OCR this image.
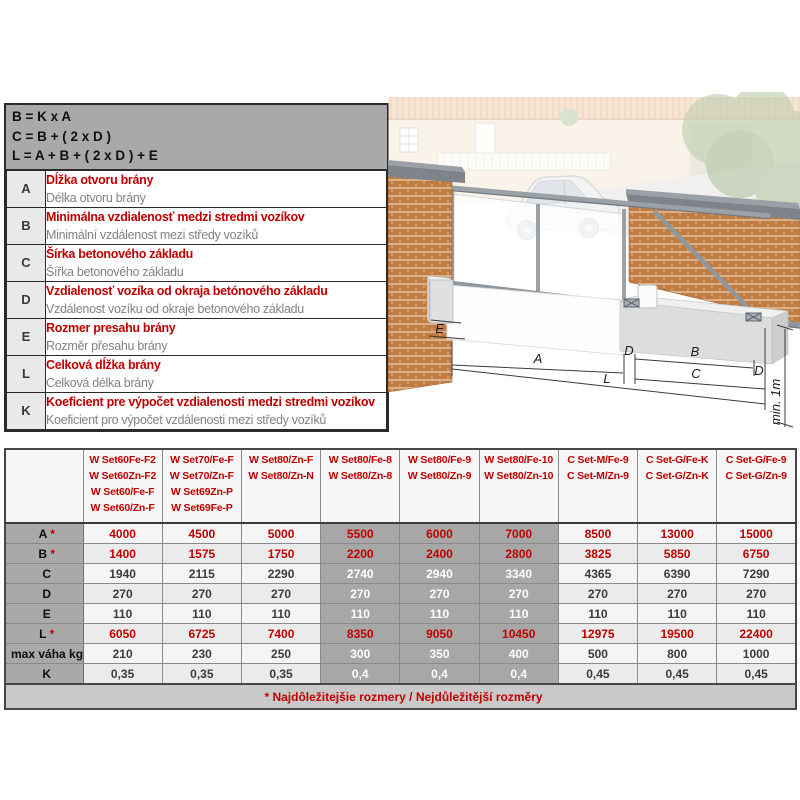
B = K x A
C = B + ( 2 x D )
L = A + B + ( 2 x D ) + E
A	Dĺžka otvoru brány
Délka otvoru brány

B	Minimálna vzdialenosť medzi stredmi vozíkov
Minimální vzdálenost mezi středy vozíků

C	Šírka betonového základu
Šířka betonového základu

D	Vzdialenosť vozíka od okraja betónového základu
Vzdálenost vozíku od okraje betonového základu

E	Rozmer presahu brány
Rozměr přesahu brány

L	Celková dĺžka brány
Celková délka brány

K	Koeficient pre výpočet vzdialenosti medzi stredmi vozíkov
Koeficient pro výpočet vzdálenosti mezi středy vozíků
E
A
D	B
D
C
L
min. 1m

W Set60Fe-F2
W Set60Zn-F2
W Set60/Fe-F
W Set60/Zn-F

W Set70/Fe-F
W Set70/Zn-F
W Set69Zn-P
W Set69Fe-P

W Set80/Zn-F
W Set80/Zn-N

W Set80/Fe-8
W Set80/Zn-8

W Set80/Fe-9
W Set80/Zn-9

W Set80/Fe-10
W Set80/Zn-10

C Set-M/Fe-9
C Set-M/Zn-9

C Set-G/Fe-K
C Set-G/Zn-K

C Set-G/Fe-9
C Set-G/Zn-9

A *	4000	4500	5000	5500	6000	7000	8500	13000	15000
B *	1400	1575	1750	2200	2400	2800	3825	5850	6750
C	1940	2115	2290	2740	2940	3340	4365	6390	7290
D	270	270	270	270	270	270	270	270	270
E	110	110	110	110	110	110	110	110	110
L *	6050	6725	7400	8350	9050	10450	12975	19500	22400
max váha kg	210	230	250	300	350	400	500	800	1000
K	0,35	0,35	0,35	0,4	0,4	0,4	0,45	0,45	0,45
* Najdôležitejšie rozmery / Nejdůležitější rozměry									
